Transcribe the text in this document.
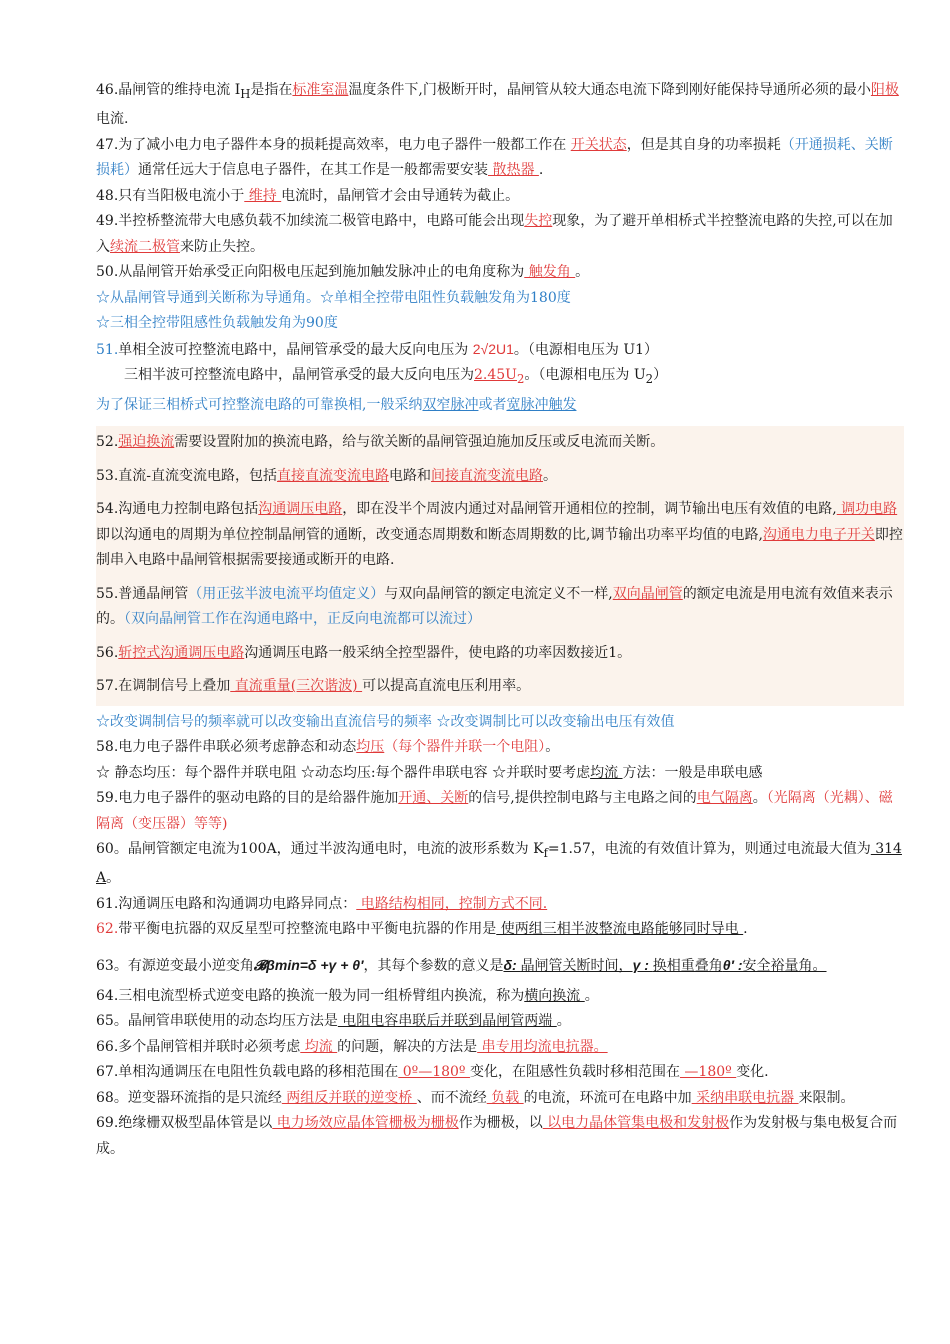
46.晶闸管的维持电流 $I_H$是指在标准室温温度条件下,门极断开时，晶闸管从较大通态电流下降到刚好能保持导通所必须的最小阳极电流.

47.为了减小电力电子器件本身的损耗提高效率，电力电子器件一般都工作在 开关状态，但是其自身的功率损耗（开通损耗、关断损耗）通常任远大于信息电子器件，在其工作是一般都需要安装 散热器 .

48.只有当阳极电流小于 维持 电流时，晶闸管才会由导通转为截止。

49.半控桥整流带大电感负载不加续流二极管电路中，电路可能会出现失控现象，为了避开单相桥式半控整流电路的失控,可以在加入续流二极管来防止失控。

50.从晶闸管开始承受正向阳极电压起到施加触发脉冲止的电角度称为 触发角 。

☆从晶闸管导通到关断称为导通角。☆单相全控带电阻性负载触发角为180度

☆三相全控带阻感性负载触发角为90度

51.单相全波可控整流电路中，晶闸管承受的最大反向电压为 2√2U1。（电源相电压为 U1）

三相半波可控整流电路中，晶闸管承受的最大反向电压为$2.45U_2$。（电源相电压为 $U_2$）

为了保证三相桥式可控整流电路的可靠换相,一般采纳双窄脉冲或者宽脉冲触发

52.强迫换流需要设置附加的换流电路，给与欲关断的晶闸管强迫施加反压或反电流而关断。

53.直流-直流变流电路，包括直接直流变流电路电路和间接直流变流电路。

54.沟通电力控制电路包括沟通调压电路，即在没半个周波内通过对晶闸管开通相位的控制，调节输出电压有效值的电路, 调功电路 即以沟通电的周期为单位控制晶闸管的通断，改变通态周期数和断态周期数的比,调节输出功率平均值的电路,沟通电力电子开关即控制串入电路中晶闸管根据需要接通或断开的电路.

55.普通晶闸管（用正弦半波电流平均值定义）与双向晶闸管的额定电流定义不一样,双向晶闸管的额定电流是用电流有效值来表示的。（双向晶闸管工作在沟通电路中，正反向电流都可以流过）

56.斩控式沟通调压电路沟通调压电路一般采纳全控型器件，使电路的功率因数接近1。

57.在调制信号上叠加 直流重量(三次谐波) 可以提高直流电压利用率。

☆改变调制信号的频率就可以改变输出直流信号的频率 ☆改变调制比可以改变输出电压有效值

58.电力电子器件串联必须考虑静态和动态均压（每个器件并联一个电阻）。

☆ 静态均压：每个器件并联电阻 ☆动态均压:每个器件串联电容 ☆并联时要考虑均流 方法：一般是串联电感

59.电力电子器件的驱动电路的目的是给器件施加开通、关断的信号,提供控制电路与主电路之间的电气隔离。（光隔离（光耦）、磁隔离（变压器）等等)

60。晶闸管额定电流为100A，通过半波沟通电时，电流的波形系数为 $K_f=1.57$，电流的有效值计算为，则通过电流最大值为 314 A。

61.沟通调压电路和沟通调功电路异同点： 电路结构相同，控制方式不同.

62.带平衡电抗器的双反星型可控整流电路中平衡电抗器的作用是 使两组三相半波整流电路能够同时导电 .

63。有源逆变最小逆变角𝓑βmin=δ +γ + θ′，其每个参数的意义是δ: 晶闸管关断时间，γ : 换相重叠角θ′ :安全裕量角。

64.三相电流型桥式逆变电路的换流一般为同一组桥臂组内换流，称为横向换流 。

65。晶闸管串联使用的动态均压方法是 电阻电容串联后并联到晶闸管两端 。

66.多个晶闸管相并联时必须考虑 均流 的问题，解决的方法是 串专用均流电抗器。

67.单相沟通调压在电阻性负载电路的移相范围在 0º—180º 变化，在阻感性负载时移相范围在 —180º 变化.

68。逆变器环流指的是只流经 两组反并联的逆变桥 、而不流经 负载 的电流，环流可在电路中加 采纳串联电抗器 来限制。

69.绝缘栅双极型晶体管是以 电力场效应晶体管栅极为栅极作为栅极，以 以电力晶体管集电极和发射极作为发射极与集电极复合而成。
